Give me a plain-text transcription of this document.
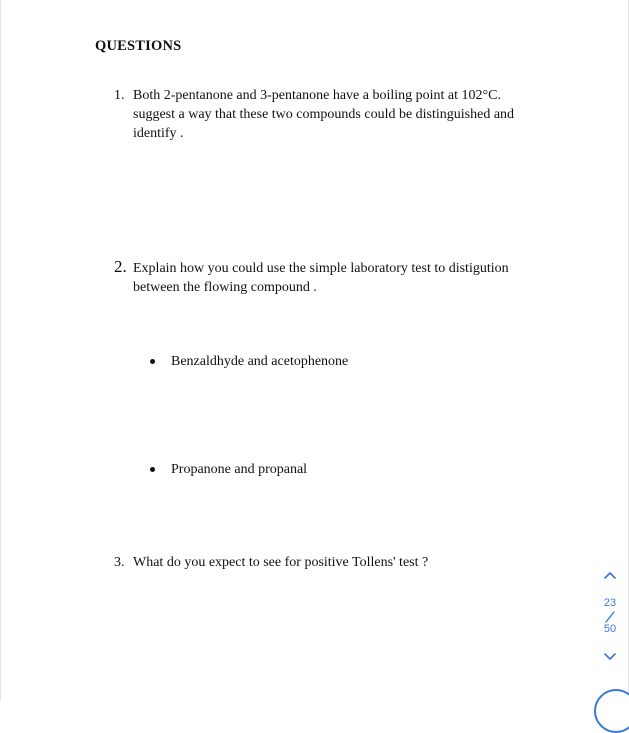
QUESTIONS
1. Both 2-pentanone and 3-pentanone have a boiling point at 102°C. suggest a way that these two compounds could be distinguished and identify .
2. Explain how you could use the simple laboratory test to distigution between the flowing compound .
Benzaldhyde and acetophenone
Propanone and propanal
3. What do you expect to see for positive Tollens' test ?
23
50
